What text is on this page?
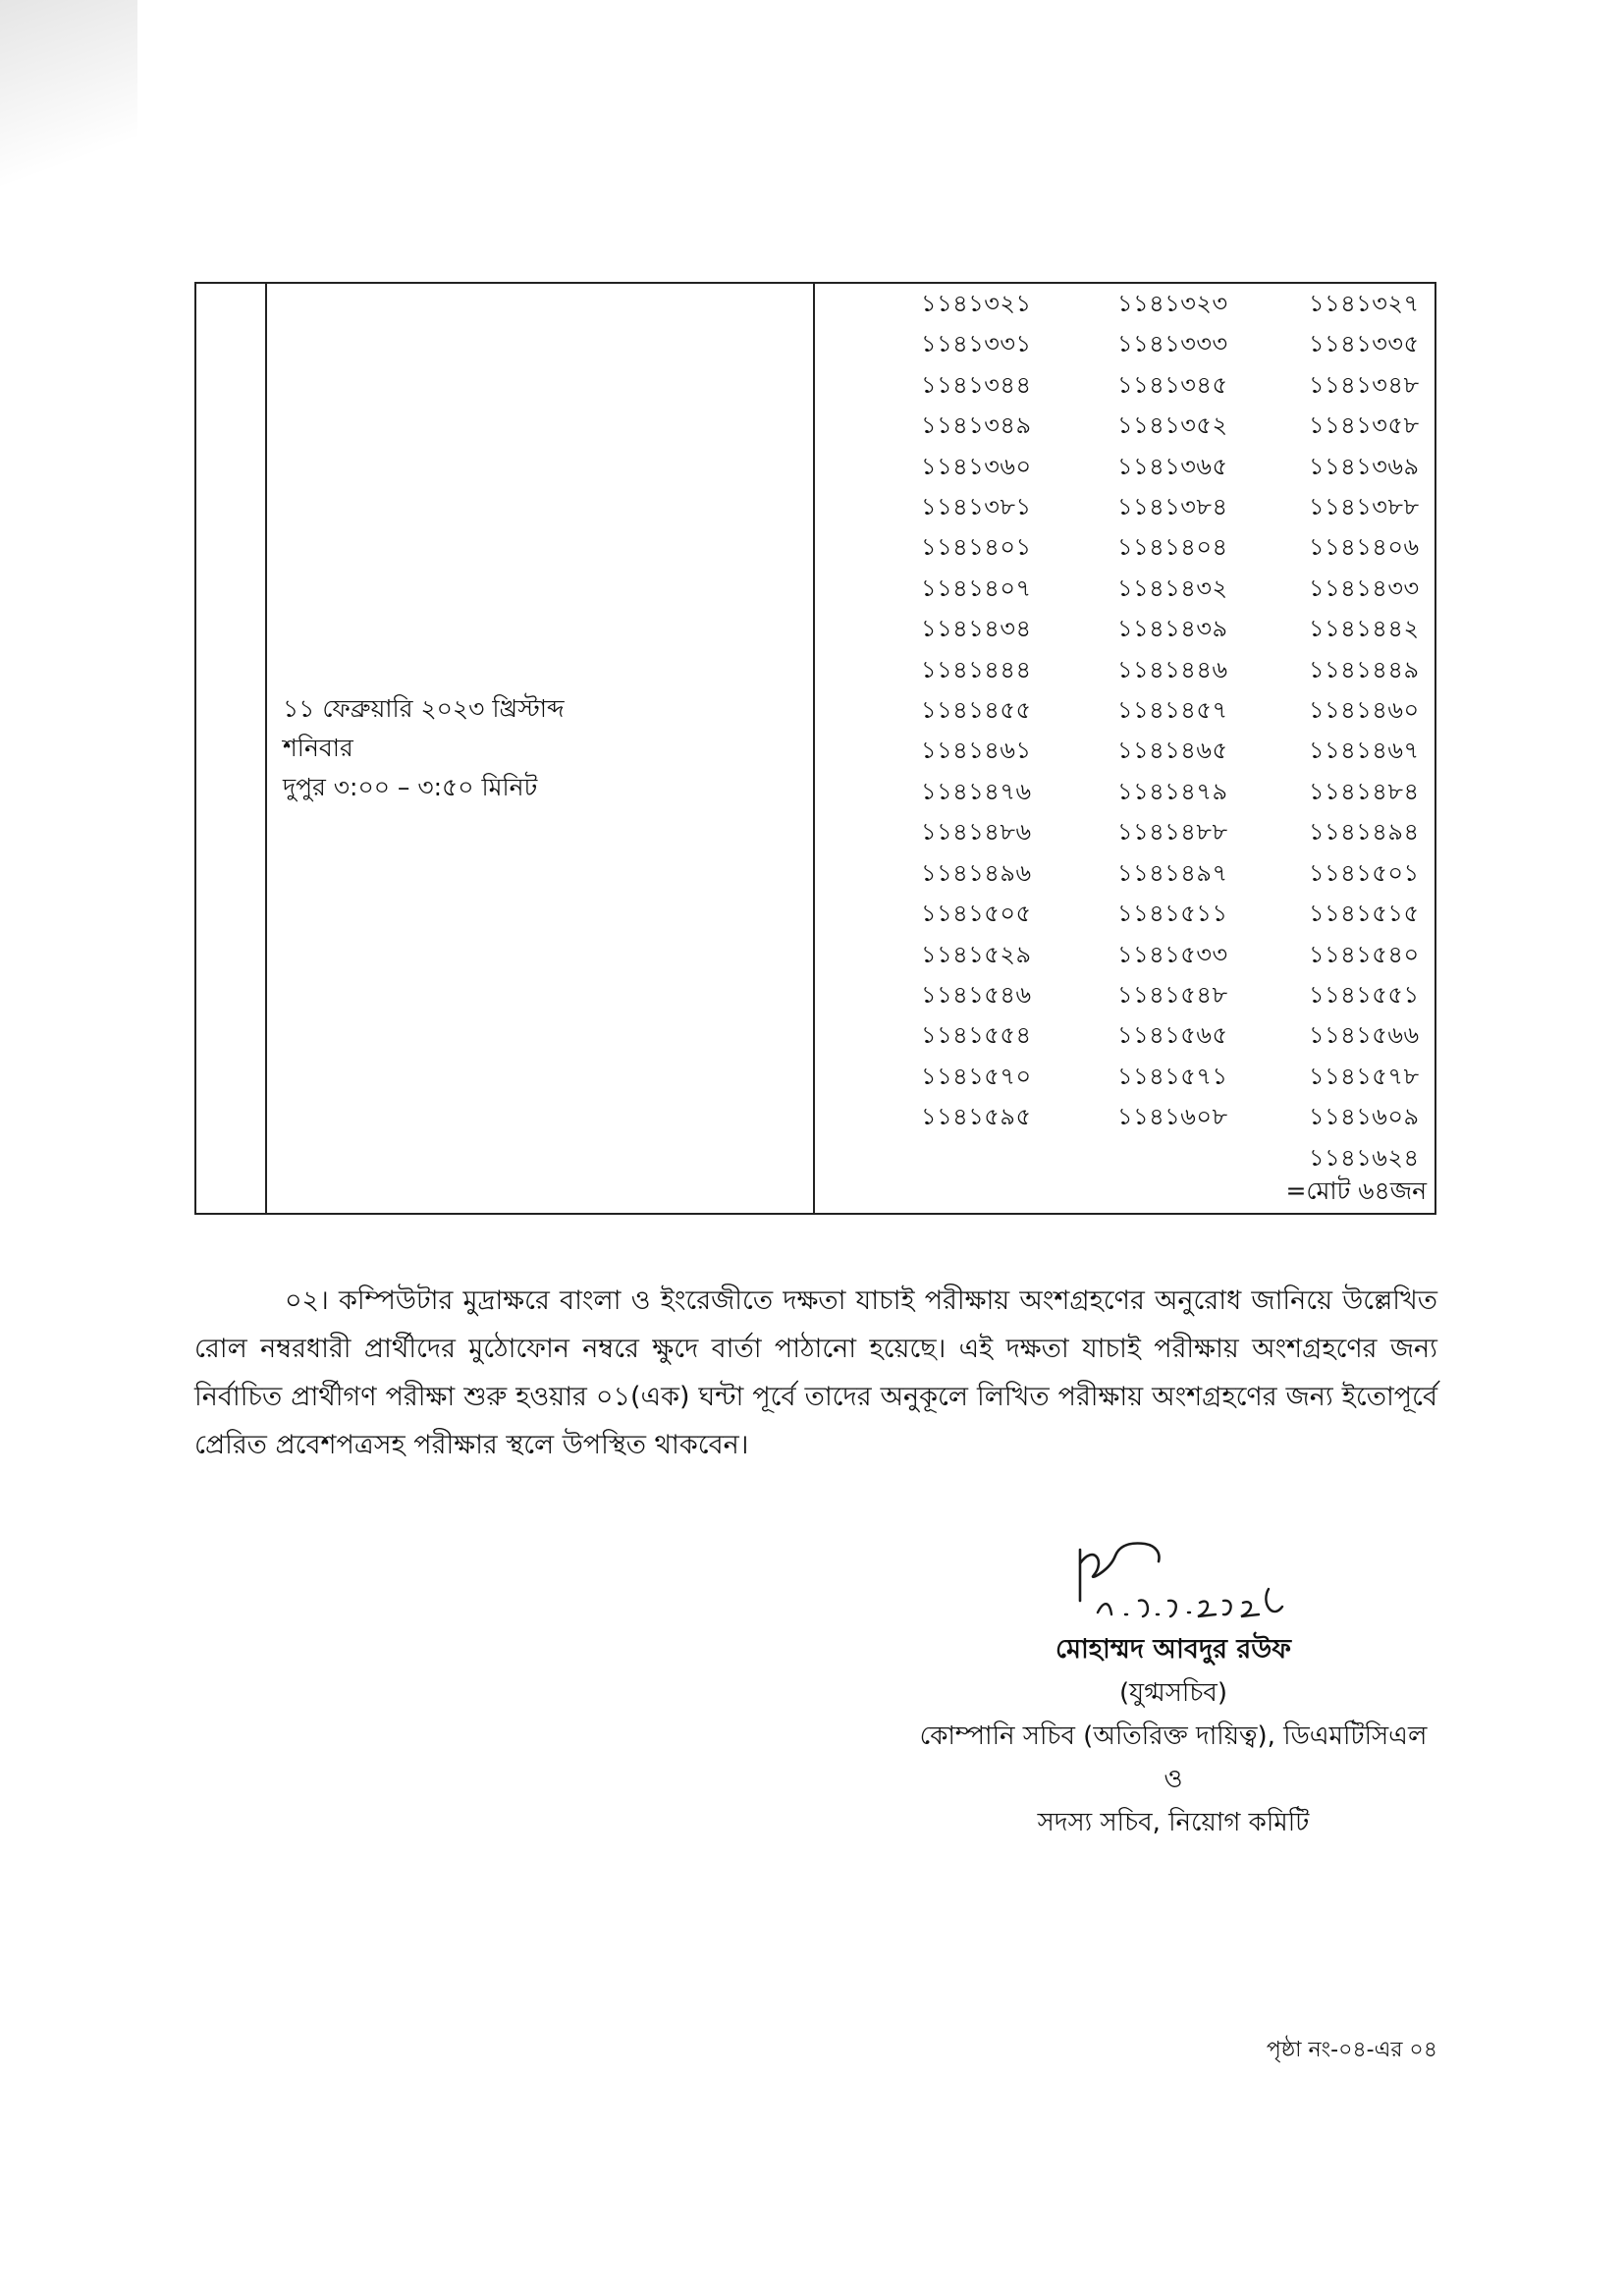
১১ ফেব্রুয়ারি ২০২৩ খ্রিস্টাব্দ
শনিবার
দুপুর ৩:০০ – ৩:৫০ মিনিট
১১৪১৩২১	১১৪১৩২৩	১১৪১৩২৭
১১৪১৩৩১	১১৪১৩৩৩	১১৪১৩৩৫
১১৪১৩৪৪	১১৪১৩৪৫	১১৪১৩৪৮
১১৪১৩৪৯	১১৪১৩৫২	১১৪১৩৫৮
১১৪১৩৬০	১১৪১৩৬৫	১১৪১৩৬৯
১১৪১৩৮১	১১৪১৩৮৪	১১৪১৩৮৮
১১৪১৪০১	১১৪১৪০৪	১১৪১৪০৬
১১৪১৪০৭	১১৪১৪৩২	১১৪১৪৩৩
১১৪১৪৩৪	১১৪১৪৩৯	১১৪১৪৪২
১১৪১৪৪৪	১১৪১৪৪৬	১১৪১৪৪৯
১১৪১৪৫৫	১১৪১৪৫৭	১১৪১৪৬০
১১৪১৪৬১	১১৪১৪৬৫	১১৪১৪৬৭
১১৪১৪৭৬	১১৪১৪৭৯	১১৪১৪৮৪
১১৪১৪৮৬	১১৪১৪৮৮	১১৪১৪৯৪
১১৪১৪৯৬	১১৪১৪৯৭	১১৪১৫০১
১১৪১৫০৫	১১৪১৫১১	১১৪১৫১৫
১১৪১৫২৯	১১৪১৫৩৩	১১৪১৫৪০
১১৪১৫৪৬	১১৪১৫৪৮	১১৪১৫৫১
১১৪১৫৫৪	১১৪১৫৬৫	১১৪১৫৬৬
১১৪১৫৭০	১১৪১৫৭১	১১৪১৫৭৮
১১৪১৫৯৫	১১৪১৬০৮	১১৪১৬০৯
১১৪১৬২৪
=মোট ৬৪জন

০২। কম্পিউটার মুদ্রাক্ষরে বাংলা ও ইংরেজীতে দক্ষতা যাচাই পরীক্ষায় অংশগ্রহণের অনুরোধ জানিয়ে উল্লেখিত রোল নম্বরধারী প্রার্থীদের মুঠোফোন নম্বরে ক্ষুদে বার্তা পাঠানো হয়েছে। এই দক্ষতা যাচাই পরীক্ষায় অংশগ্রহণের জন্য নির্বাচিত প্রার্থীগণ পরীক্ষা শুরু হওয়ার ০১(এক) ঘন্টা পূর্বে তাদের অনুকূলে লিখিত পরীক্ষায় অংশগ্রহণের জন্য ইতোপূর্বে প্রেরিত প্রবেশপত্রসহ পরীক্ষার স্থলে উপস্থিত থাকবেন।

মোহাম্মদ আবদুর রউফ
(যুগ্মসচিব)
কোম্পানি সচিব (অতিরিক্ত দায়িত্ব), ডিএমটিসিএল
ও
সদস্য সচিব, নিয়োগ কমিটি
পৃষ্ঠা নং-০৪-এর ০৪
